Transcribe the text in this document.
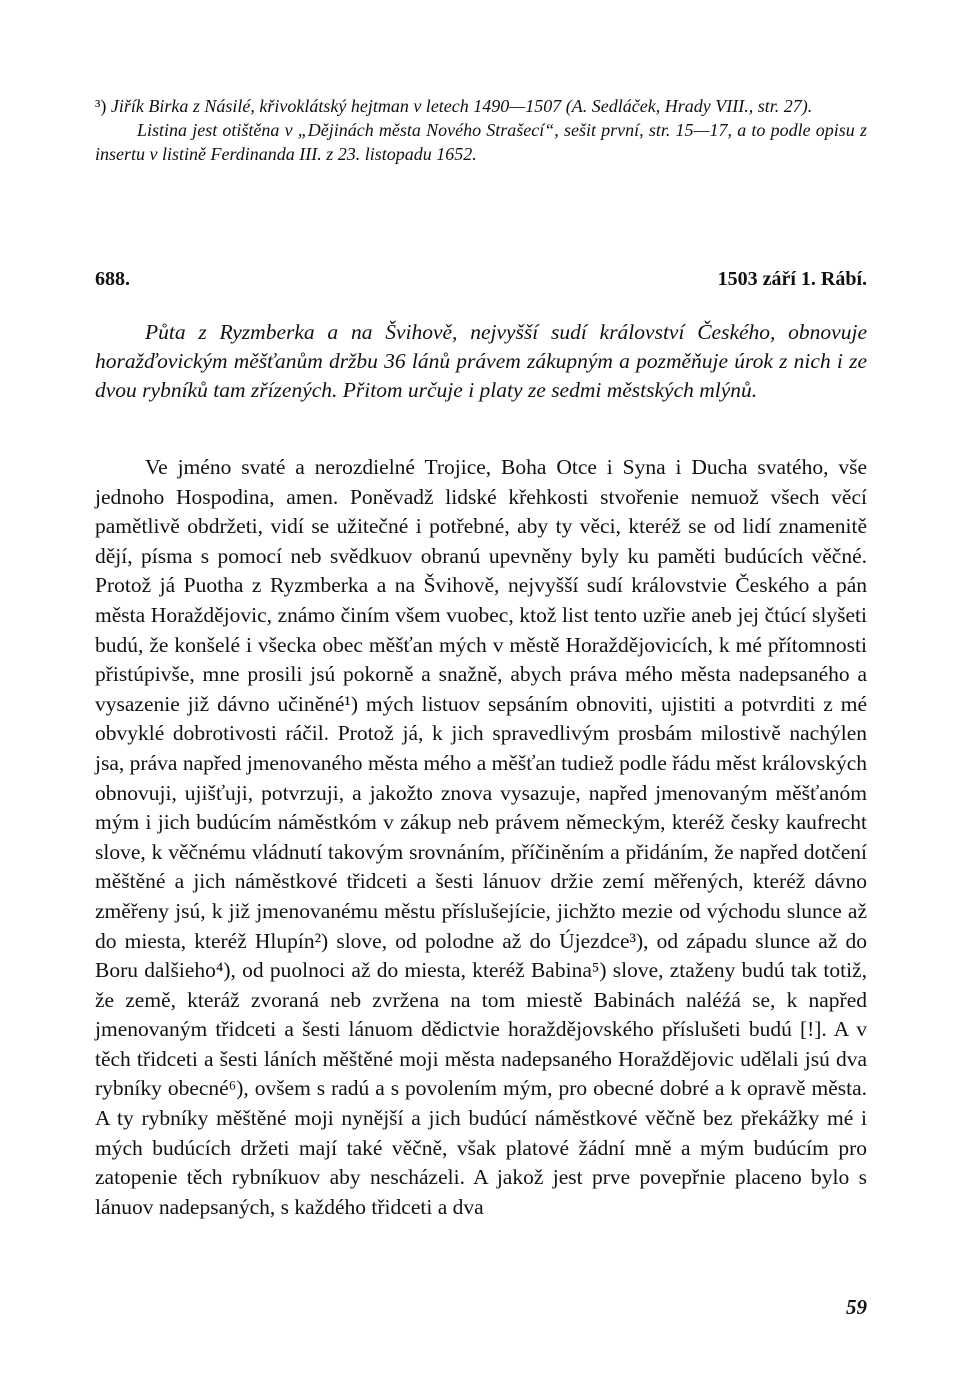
³) Jiřík Birka z Násilé, křivoklátský hejtman v letech 1490—1507 (A. Sedláček, Hrady VIII., str. 27).

Listina jest otištěna v „Dějinách města Nového Strašecí“, sešit první, str. 15—17, a to podle opisu z insertu v listině Ferdinanda III. z 23. listopadu 1652.

688.	1503 září 1. Rábí.

Půta z Ryzmberka a na Švihově, nejvyšší sudí království Českého, obnovuje horažďovickým měšťanům držbu 36 lánů právem zákupným a pozměňuje úrok z nich i ze dvou rybníků tam zřízených. Přitom určuje i platy ze sedmi městských mlýnů.

Ve jméno svaté a nerozdielné Trojice, Boha Otce i Syna i Ducha svatého, vše jednoho Hospodina, amen. Poněvadž lidské křehkosti stvořenie nemuož všech věcí pamětlivě obdržeti, vidí se užitečné i potřebné, aby ty věci, kteréž se od lidí znamenitě dějí, písma s pomocí neb svědkuov obranú upevněny byly ku paměti budúcích věčné. Protož já Puotha z Ryzmberka a na Švihově, nejvyšší sudí královstvie Českého a pán města Horaždějovic, známo činím všem vuobec, ktož list tento uzřie aneb jej čtúcí slyšeti budú, že konšelé i všecka obec měšťan mých v městě Horaždějovicích, k mé přítomnosti přistúpivše, mne prosili jsú pokorně a snažně, abych práva mého města nadepsaného a vysazenie již dávno učiněné¹) mých listuov sepsáním obnoviti, ujistiti a potvrditi z mé obvyklé dobrotivosti ráčil. Protož já, k jich spravedlivým prosbám milostivě nachýlen jsa, práva napřed jmenovaného města mého a měšťan tudiež podle řádu měst královských obnovuji, ujišťuji, potvrzuji, a jakožto znova vysazuje, napřed jmenovaným měšťanóm mým i jich budúcím náměstkóm v zákup neb právem německým, kteréž česky kaufrecht slove, k věčnému vládnutí takovým srovnáním, příčiněním a přidáním, že napřed dotčení měštěné a jich náměstkové třidceti a šesti lánuov držie zemí měřených, kteréž dávno změřeny jsú, k již jmenovanému městu příslušejície, jichžto mezie od východu slunce až do miesta, kteréž Hlupín²) slove, od polodne až do Újezdce³), od západu slunce až do Boru dalšieho⁴), od puolnoci až do miesta, kteréž Babina⁵) slove, ztaženy budú tak totiž, že země, kteráž zvoraná neb zvržena na tom miestě Babinách naléźá se, k napřed jmenovaným třidceti a šesti lánuom dědictvie horaždějovského příslušeti budú [!]. A v těch třidceti a šesti láních měštěné moji města nadepsaného Horaždějovic udělali jsú dva rybníky obecné⁶), ovšem s radú a s povolením mým, pro obecné dobré a k opravě města. A ty rybníky měštěné moji nynější a jich budúcí náměstkové věčně bez překážky mé i mých budúcích držeti mají také věčně, však platové žádní mně a mým budúcím pro zatopenie těch rybníkuov aby nescházeli. A jakož jest prve povepřnie placeno bylo s lánuov nadepsaných, s každého třidceti a dva

59
